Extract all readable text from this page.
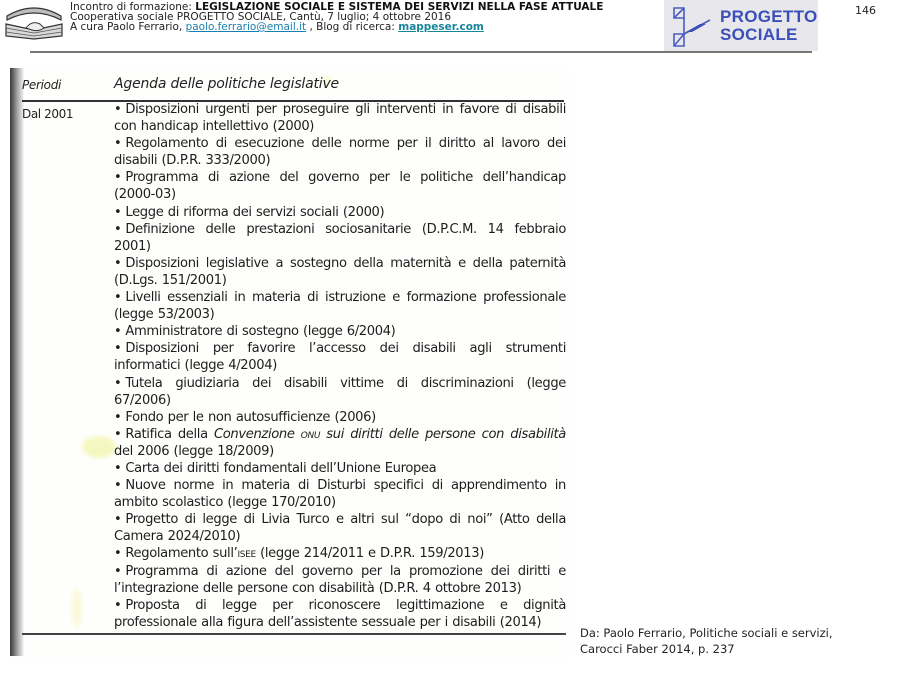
Incontro di formazione: LEGISLAZIONE SOCIALE E SISTEMA DEI SERVIZI NELLA FASE ATTUALE
Cooperativa sociale PROGETTO SOCIALE, Cantù, 7 luglio; 4 ottobre 2016
A cura Paolo Ferrario, paolo.ferrario@email.it , Blog di ricerca: mappeser.com
PROGETTO
SOCIALE
146
Periodi	Agenda delle politiche legislative
Dal 2001	• Disposizioni urgenti per proseguire gli interventi in favore di disabili con handicap intellettivo (2000)
• Regolamento di esecuzione delle norme per il diritto al lavoro dei disabili (D.P.R. 333/2000)
• Programma di azione del governo per le politiche dell’handicap (2000-03)
• Legge di riforma dei servizi sociali (2000)
• Definizione delle prestazioni sociosanitarie (D.P.C.M. 14 febbraio 2001)
• Disposizioni legislative a sostegno della maternità e della paternità (D.Lgs. 151/2001)
• Livelli essenziali in materia di istruzione e formazione professionale (legge 53/2003)
• Amministratore di sostegno (legge 6/2004)
• Disposizioni per favorire l’accesso dei disabili agli strumenti informatici (legge 4/2004)
• Tutela giudiziaria dei disabili vittime di discriminazioni (legge 67/2006)
• Fondo per le non autosufficienze (2006)
• Ratifica della Convenzione onu sui diritti delle persone con disabilità del 2006 (legge 18/2009)
• Carta dei diritti fondamentali dell’Unione Europea
• Nuove norme in materia di Disturbi specifici di apprendimento in ambito scolastico (legge 170/2010)
• Progetto di legge di Livia Turco e altri sul “dopo di noi” (Atto della Camera 2024/2010)
• Regolamento sull’isee (legge 214/2011 e D.P.R. 159/2013)
• Programma di azione del governo per la promozione dei diritti e l’integrazione delle persone con disabilità (D.P.R. 4 ottobre 2013)
• Proposta di legge per riconoscere legittimazione e dignità professionale alla figura dell’assistente sessuale per i disabili (2014)
Da: Paolo Ferrario, Politiche sociali e servizi,
Carocci Faber 2014, p. 237
